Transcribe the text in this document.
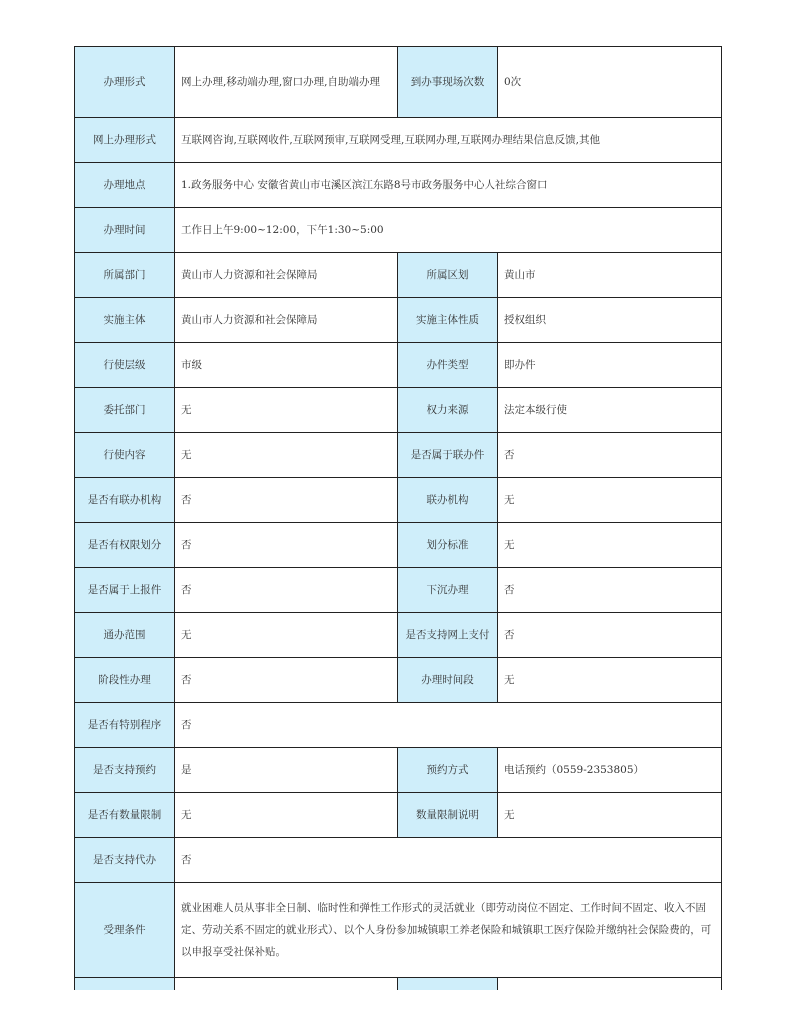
办理形式	网上办理,移动端办理,窗口办理,自助端办理	到办事现场次数	0次
网上办理形式	互联网咨询,互联网收件,互联网预审,互联网受理,互联网办理,互联网办理结果信息反馈,其他		
办理地点	1.政务服务中心 安徽省黄山市屯溪区滨江东路8号市政务服务中心人社综合窗口		
办理时间	工作日上午9:00~12:00，下午1:30~5:00		
所属部门	黄山市人力资源和社会保障局	所属区划	黄山市
实施主体	黄山市人力资源和社会保障局	实施主体性质	授权组织
行使层级	市级	办件类型	即办件
委托部门	无	权力来源	法定本级行使
行使内容	无	是否属于联办件	否
是否有联办机构	否	联办机构	无
是否有权限划分	否	划分标准	无
是否属于上报件	否	下沉办理	否
通办范围	无	是否支持网上支付	否
阶段性办理	否	办理时间段	无
是否有特别程序	否		
是否支持预约	是	预约方式	电话预约（0559-2353805）
是否有数量限制	无	数量限制说明	无
是否支持代办	否		
受理条件	就业困难人员从事非全日制、临时性和弹性工作形式的灵活就业（即劳动岗位不固定、工作时间不固定、收入不固定、劳动关系不固定的就业形式）、以个人身份参加城镇职工养老保险和城镇职工医疗保险并缴纳社会保险费的，可以申报享受社保补贴。		
